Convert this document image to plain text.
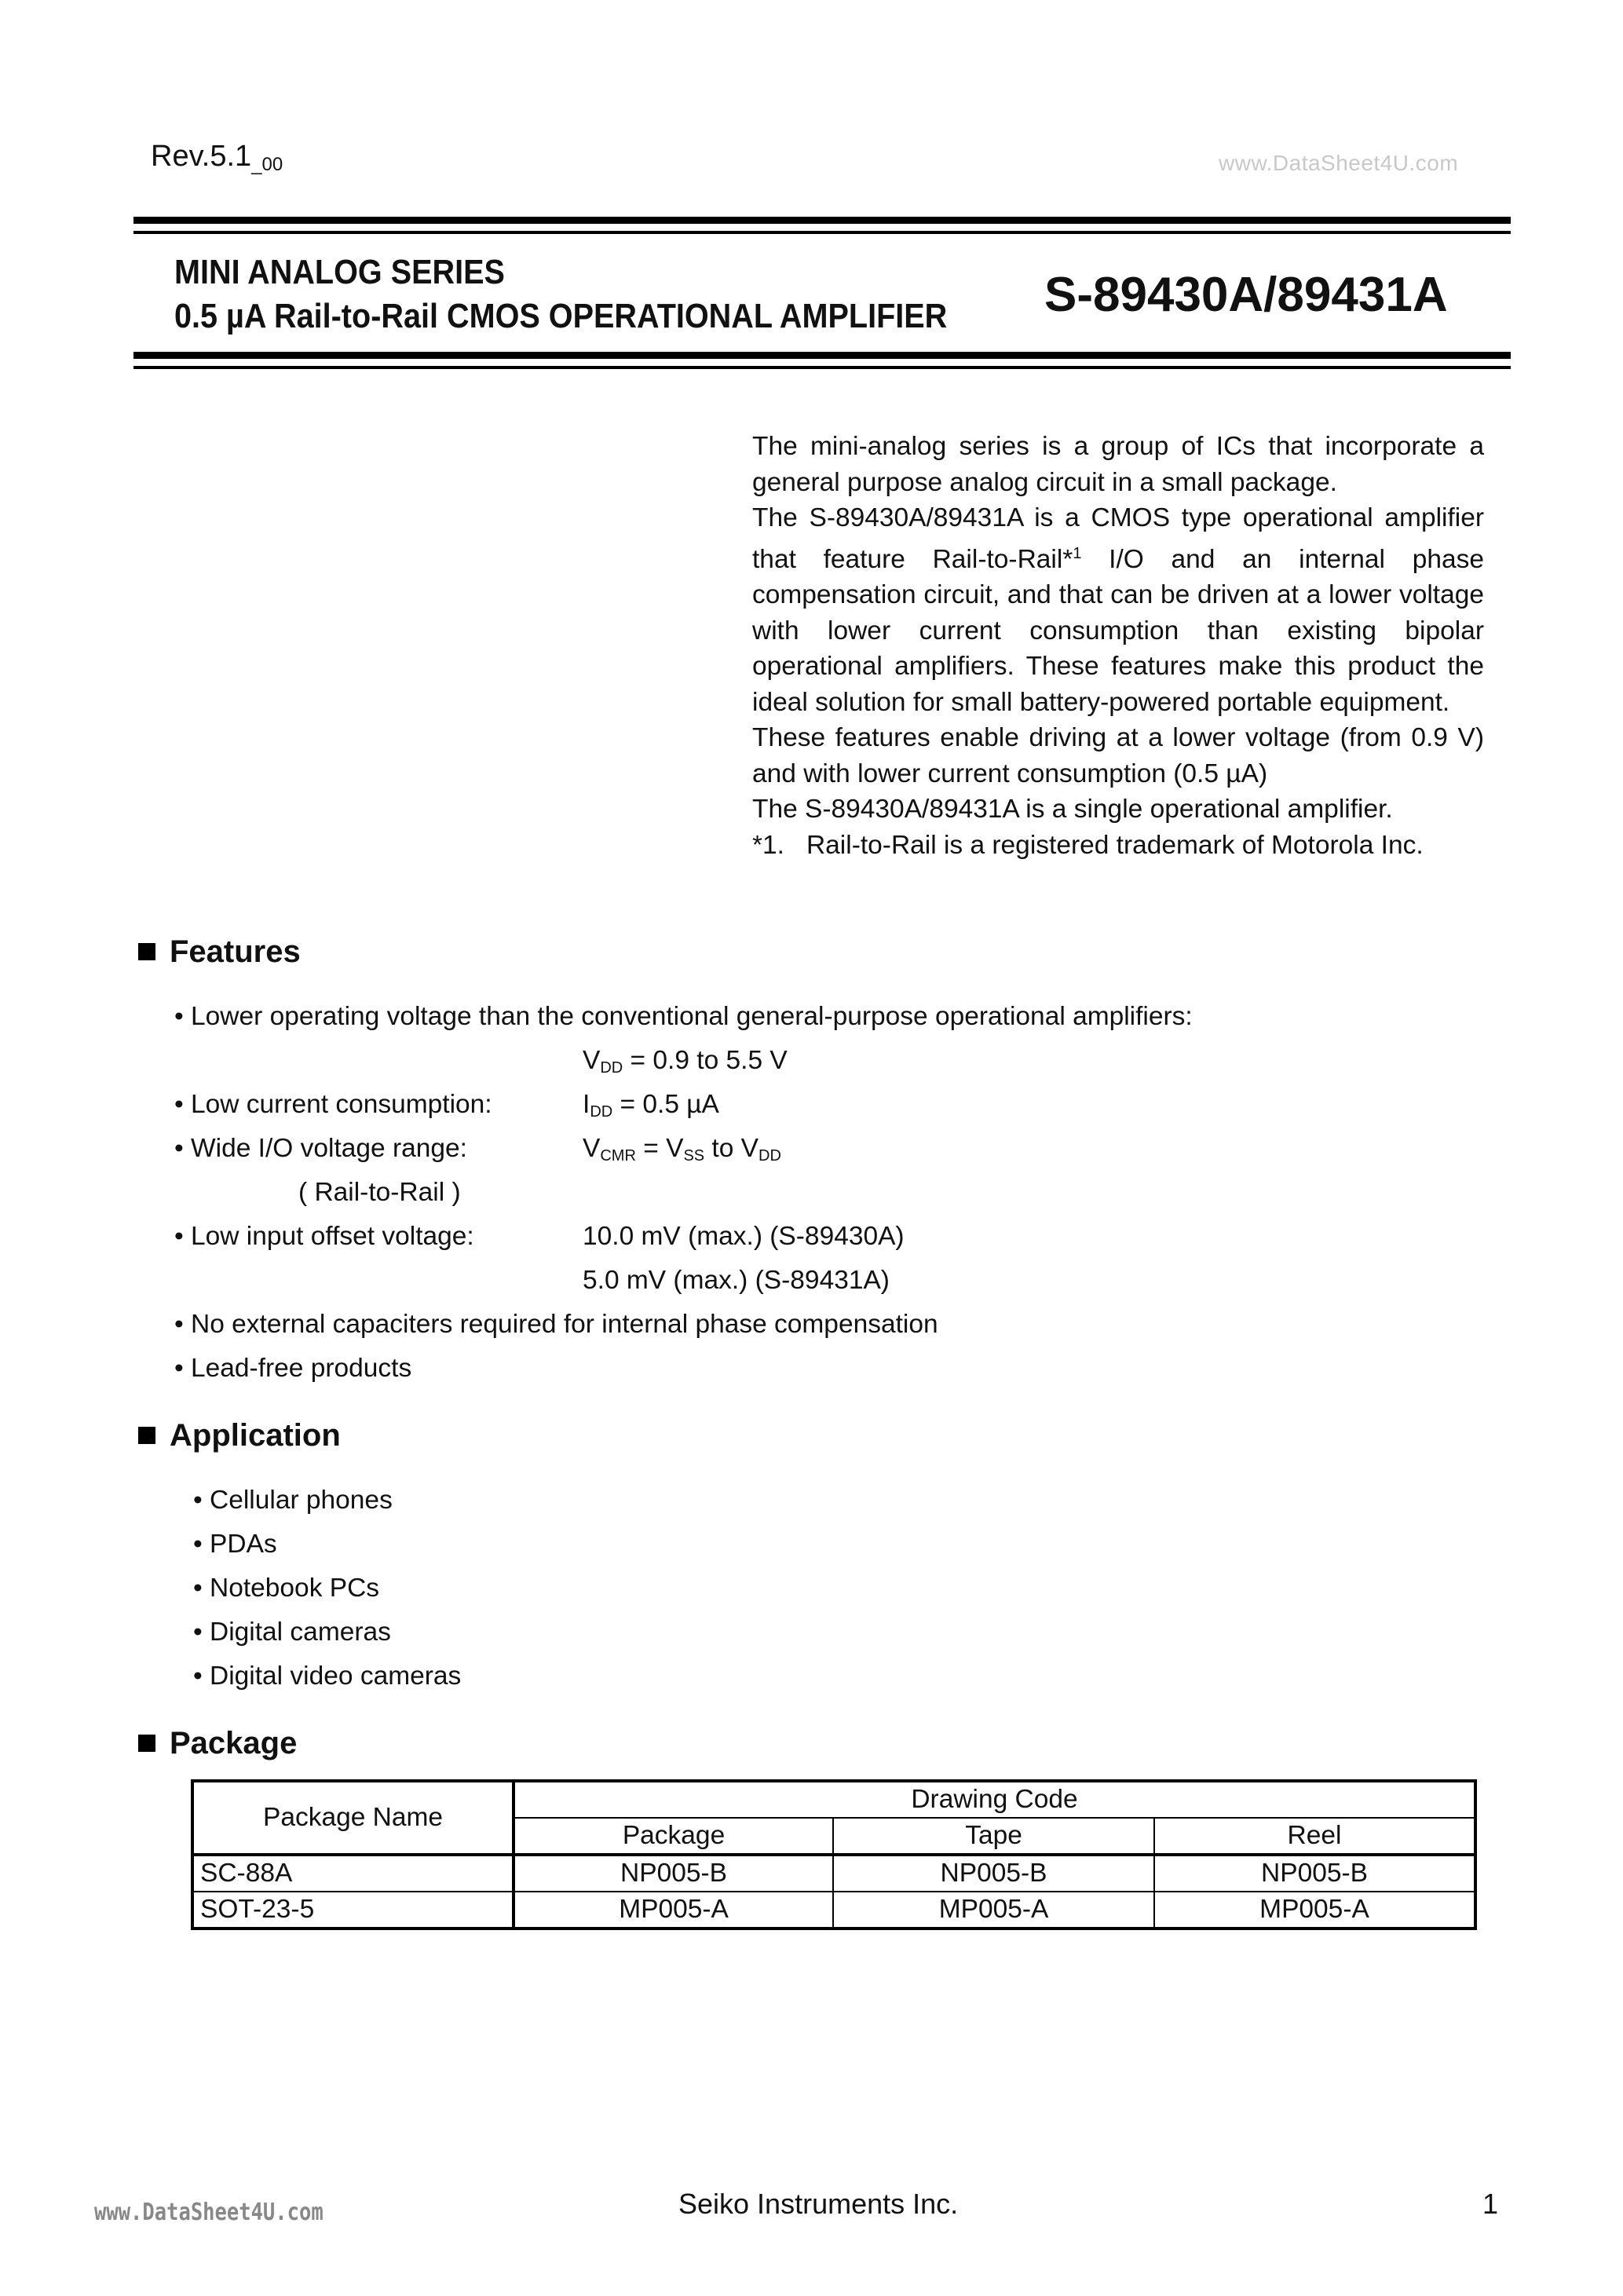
$Rev.5.1_{\_00}$	www.DataSheet4U.com
MINI ANALOG SERIES
0.5 µA Rail-to-Rail CMOS OPERATIONAL AMPLIFIER S-89430A/89431A

The mini-analog series is a group of ICs that incorporate a general purpose analog circuit in a small package.

The S-89430A/89431A is a CMOS type operational amplifier that feature Rail-to-Rail*$^1$ I/O and an internal phase compensation circuit, and that can be driven at a lower voltage with lower current consumption than existing bipolar operational amplifiers. These features make this product the ideal solution for small battery-powered portable equipment.

These features enable driving at a lower voltage (from 0.9 V) and with lower current consumption (0.5 µA)

The S-89430A/89431A is a single operational amplifier.

*1. Rail-to-Rail is a registered trademark of Motorola Inc.

Features
• Lower operating voltage than the conventional general-purpose operational amplifiers:
$V_{DD} = 0.9$ to 5.5 V
• Low current consumption:	$I_{DD} = 0.5$ µA
• Wide I/O voltage range:	$V_{CMR} = V_{SS}$ to $V_{DD}$
( Rail-to-Rail )
• Low input offset voltage:	10.0 mV (max.) (S-89430A)
5.0 mV (max.) (S-89431A)
• No external capaciters required for internal phase compensation
• Lead-free products
Application
• Cellular phones
• PDAs
• Notebook PCs
• Digital cameras
• Digital video cameras
Package
Package Name	Drawing Code		
	Package	Tape	Reel
SC-88A	NP005-B	NP005-B	NP005-B
SOT-23-5	MP005-A	MP005-A	MP005-A
www.DataSheet4U.com	Seiko Instruments Inc.	1
